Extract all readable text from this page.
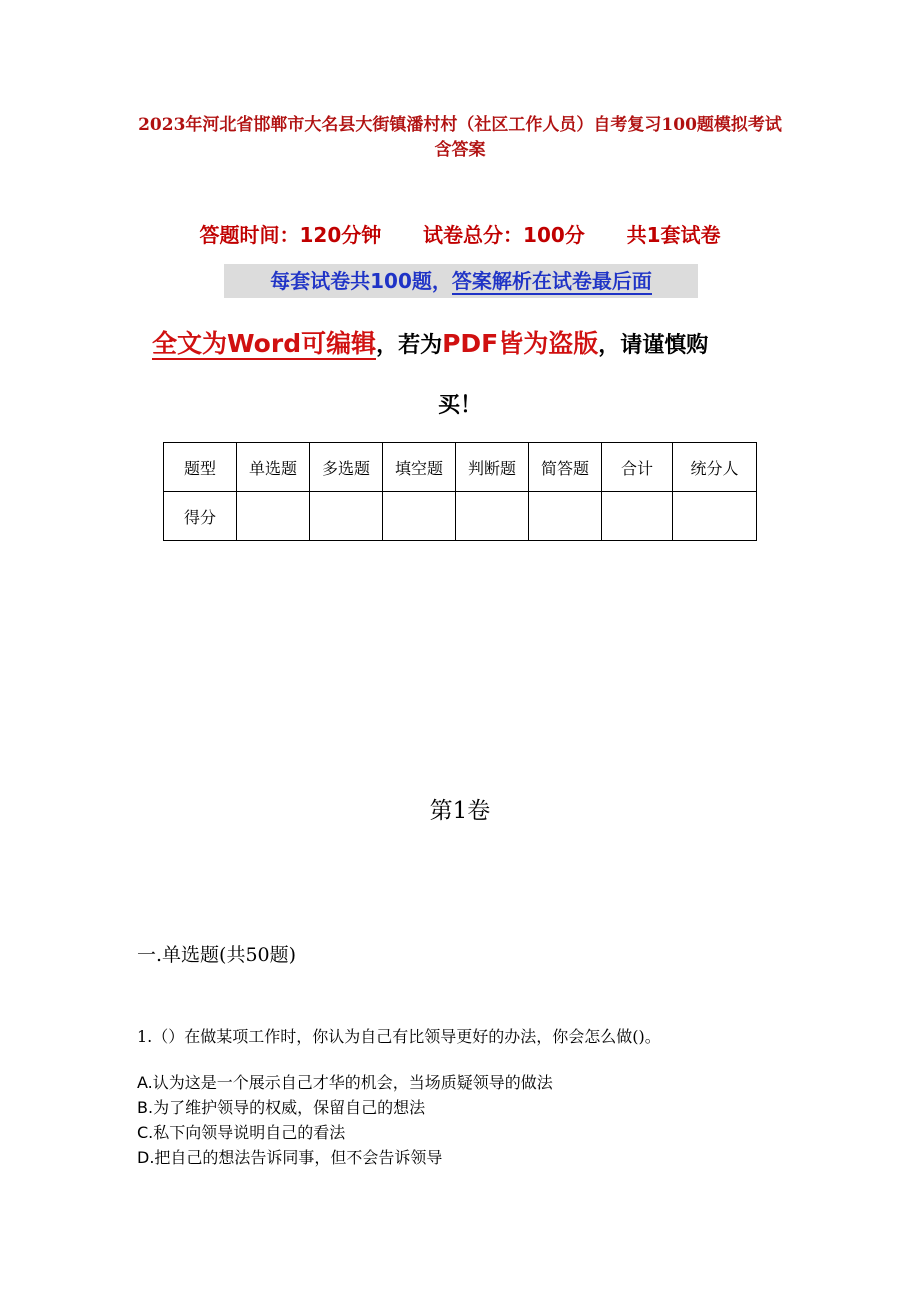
2023年河北省邯郸市大名县大街镇潘村村（社区工作人员）自考复习100题模拟考试含答案
答题时间：120分钟      试卷总分：100分      共1套试卷
每套试卷共100题，答案解析在试卷最后面
全文为Word可编辑，若为PDF皆为盗版，请谨慎购
买！
题型	单选题	多选题	填空题	判断题	简答题	合计	统分人
得分							
第1卷
一.单选题(共50题)
1.（）在做某项工作时，你认为自己有比领导更好的办法，你会怎么做()。
A.认为这是一个展示自己才华的机会，当场质疑领导的做法
B.为了维护领导的权威，保留自己的想法
C.私下向领导说明自己的看法
D.把自己的想法告诉同事，但不会告诉领导
